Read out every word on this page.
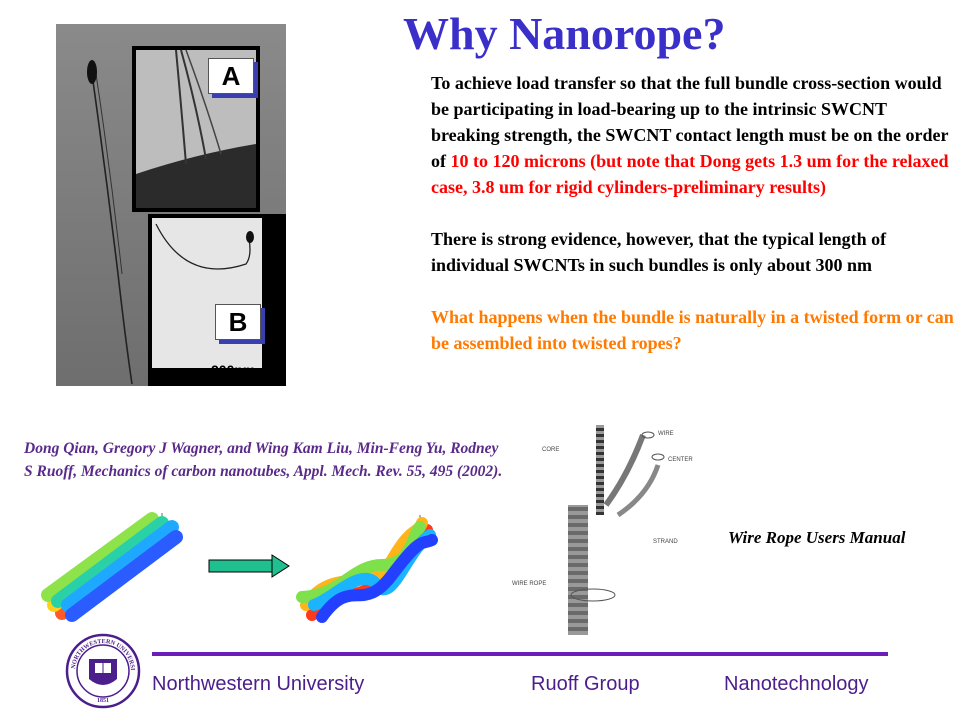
Why Nanorope?
A
B
200nm

To achieve load transfer so that the full bundle cross-section would be participating in load-bearing up to the intrinsic SWCNT breaking strength, the SWCNT contact length must be on the order of 10 to 120 microns (but note that Dong gets 1.3 um for the relaxed case, 3.8 um for rigid cylinders-preliminary results)

There is strong evidence, however, that the typical length of individual SWCNTs in such bundles is only about 300 nm

What happens when the bundle is naturally in a twisted form or can be assembled into twisted ropes?

Dong Qian, Gregory J Wagner, and Wing Kam Liu, Min-Feng Yu, Rodney S Ruoff, Mechanics of carbon nanotubes, Appl. Mech. Rev. 55, 495 (2002).
CORE
WIRE
CENTER
STRAND
WIRE ROPE
Wire Rope Users Manual
NORTHWESTERN UNIVERSI
1851
Northwestern University	Ruoff Group	Nanotechnology
